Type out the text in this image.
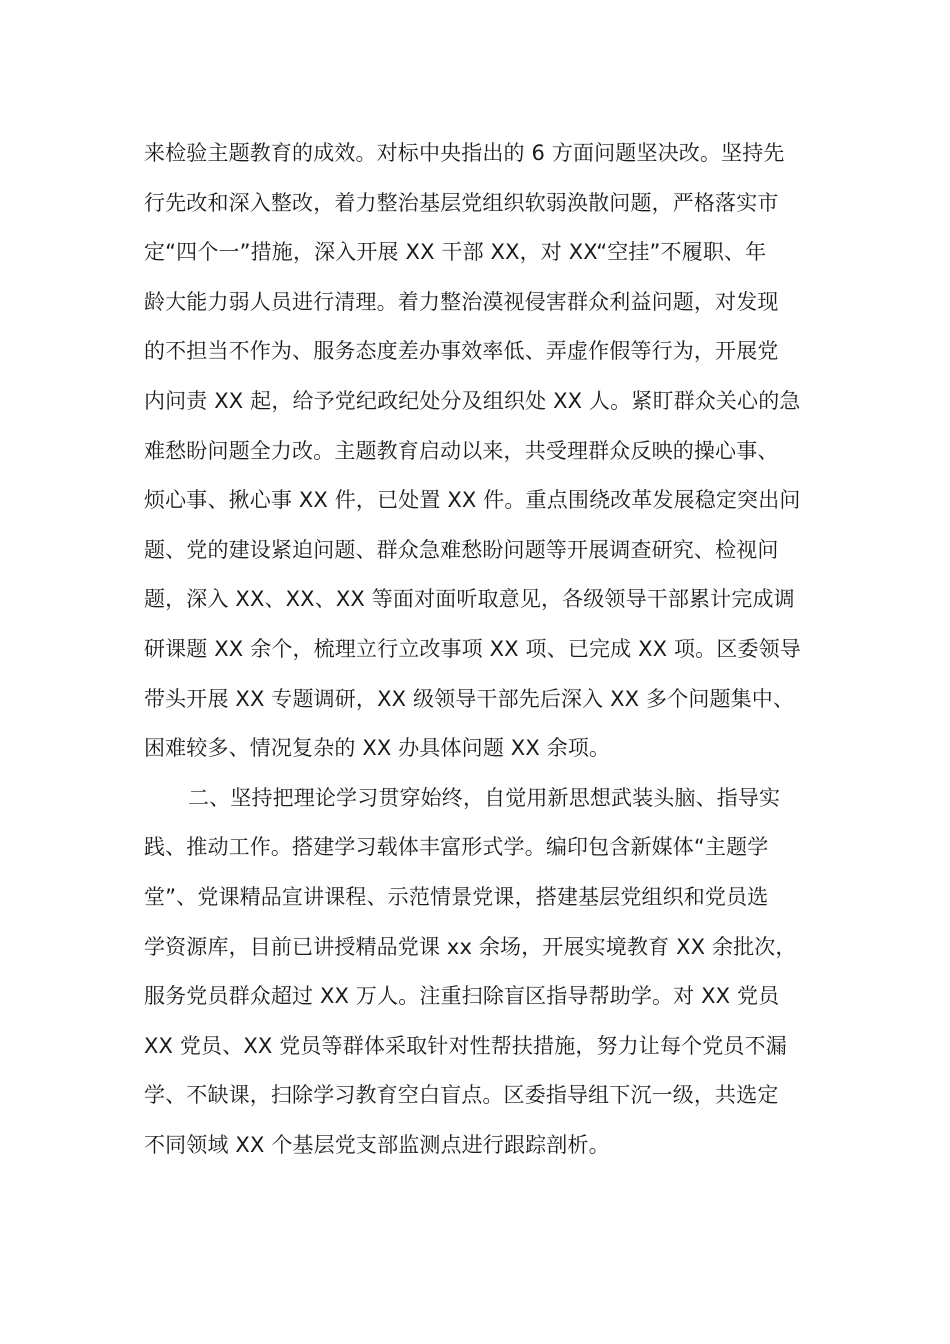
来检验主题教育的成效。对标中央指出的 6 方面问题坚决改。坚持先
行先改和深入整改，着力整治基层党组织软弱涣散问题，严格落实市
定“四个一”措施，深入开展 XX 干部 XX，对 XX“空挂”不履职、年
龄大能力弱人员进行清理。着力整治漠视侵害群众利益问题，对发现
的不担当不作为、服务态度差办事效率低、弄虚作假等行为，开展党
内问责 XX 起，给予党纪政纪处分及组织处 XX 人。紧盯群众关心的急
难愁盼问题全力改。主题教育启动以来，共受理群众反映的操心事、
烦心事、揪心事 XX 件，已处置 XX 件。重点围绕改革发展稳定突出问
题、党的建设紧迫问题、群众急难愁盼问题等开展调查研究、检视问
题，深入 XX、XX、XX 等面对面听取意见，各级领导干部累计完成调
研课题 XX 余个，梳理立行立改事项 XX 项、已完成 XX 项。区委领导
带头开展 XX 专题调研，XX 级领导干部先后深入 XX 多个问题集中、
困难较多、情况复杂的 XX 办具体问题 XX 余项。
二、坚持把理论学习贯穿始终，自觉用新思想武装头脑、指导实
践、推动工作。搭建学习载体丰富形式学。编印包含新媒体“主题学
堂”、党课精品宣讲课程、示范情景党课，搭建基层党组织和党员选
学资源库，目前已讲授精品党课 xx 余场，开展实境教育 XX 余批次，
服务党员群众超过 XX 万人。注重扫除盲区指导帮助学。对 XX 党员
XX 党员、XX 党员等群体采取针对性帮扶措施，努力让每个党员不漏
学、不缺课，扫除学习教育空白盲点。区委指导组下沉一级，共选定
不同领域 XX 个基层党支部监测点进行跟踪剖析。
